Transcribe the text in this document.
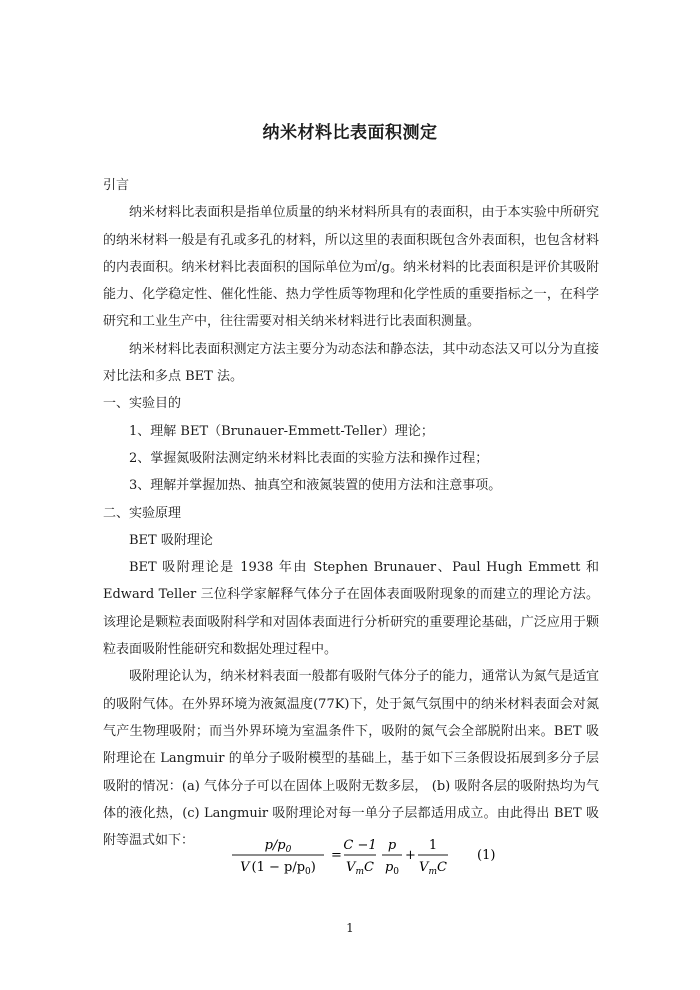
纳米材料比表面积测定

引言

纳米材料比表面积是指单位质量的纳米材料所具有的表面积，由于本实验中所研究的纳米材料一般是有孔或多孔的材料，所以这里的表面积既包含外表面积，也包含材料的内表面积。纳米材料比表面积的国际单位为㎡/g。纳米材料的比表面积是评价其吸附能力、化学稳定性、催化性能、热力学性质等物理和化学性质的重要指标之一，在科学研究和工业生产中，往往需要对相关纳米材料进行比表面积测量。

纳米材料比表面积测定方法主要分为动态法和静态法，其中动态法又可以分为直接对比法和多点 BET 法。

一、实验目的

1、理解 BET（Brunauer-Emmett-Teller）理论；

2、掌握氮吸附法测定纳米材料比表面的实验方法和操作过程；

3、理解并掌握加热、抽真空和液氮装置的使用方法和注意事项。

二、实验原理

BET 吸附理论

BET 吸附理论是 1938 年由 Stephen Brunauer、Paul Hugh Emmett 和 Edward Teller 三位科学家解释气体分子在固体表面吸附现象的而建立的理论方法。该理论是颗粒表面吸附科学和对固体表面进行分析研究的重要理论基础，广泛应用于颗粒表面吸附性能研究和数据处理过程中。

吸附理论认为，纳米材料表面一般都有吸附气体分子的能力，通常认为氮气是适宜的吸附气体。在外界环境为液氮温度(77K)下，处于氮气氛围中的纳米材料表面会对氮气产生物理吸附；而当外界环境为室温条件下，吸附的氮气会全部脱附出来。BET 吸附理论在 Langmuir 的单分子吸附模型的基础上，基于如下三条假设拓展到多分子层吸附的情况：(a) 气体分子可以在固体上吸附无数多层， (b) 吸附各层的吸附热均为气体的液化热，(c) Langmuir 吸附理论对每一单分子层都适用成立。由此得出 BET 吸附等温式如下：	$p/p_0$
V $(1 - p/p_0)$
=
C −1
$V_mC$
p
$p_0$
+
1
$V_mC$
(1)
1
